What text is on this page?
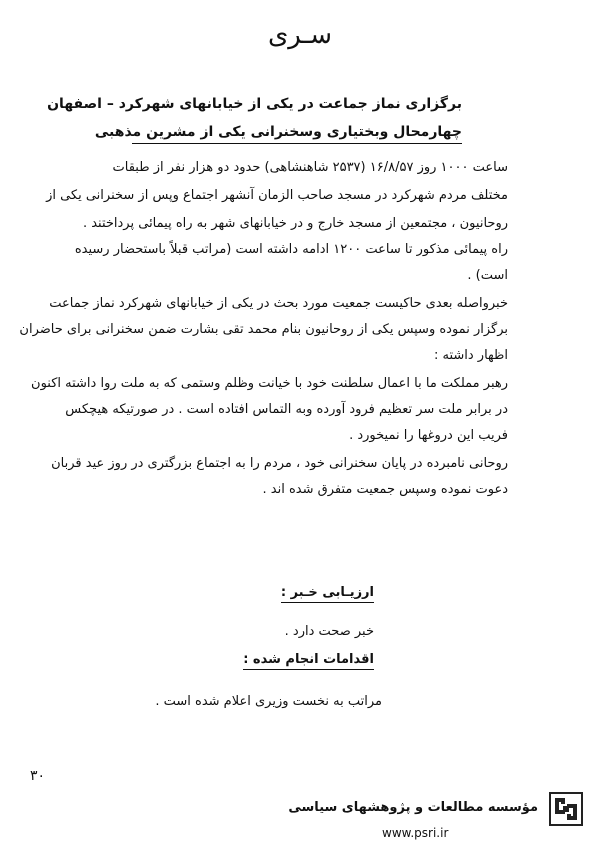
سـری
برگزاری نماز جماعت در یکی از خیابانهای شهرکرد – اصفهان
چهارمحال وبختیاری وسخنرانی یکی از مشرین مذهبی
ساعت ۱۰۰۰ روز ۱۶/۸/۵۷ (۲۵۳۷ شاهنشاهی) حدود دو هزار نفر از طبقات
مختلف مردم شهرکرد در مسجد صاحب الزمان آنشهر اجتماع وپس از سخنرانی یکی از
روحانیون ، مجتمعین از مسجد خارج و در خیابانهای شهر به راه پیمائی پرداختند .
راه پیمائی مذکور تا ساعت ۱۲۰۰ ادامه داشته است (مراتب قبلاً باستحضار رسیده
است) .
خبرواصله بعدی حاکیست جمعیت مورد بحث در یکی از خیابانهای شهرکرد نماز جماعت
برگزار نموده وسپس یکی از روحانیون بنام محمد تقی بشارت ضمن سخنرانی برای حاضران
اظهار داشته :
رهبر مملکت ما با اعمال سلطنت خود با خیانت وظلم وستمی که به ملت روا داشته اکنون
در برابر ملت سر تعظیم فرود آورده وبه التماس افتاده است . در صورتیکه هیچکس
فریب این دروغها را نمیخورد .
روحانی نامبرده در پایان سخنرانی خود ، مردم را به اجتماع بزرگتری در روز عید قربان
دعوت نموده وسپس جمعیت متفرق شده اند .
ارزیـابی خـبر :
خبر صحت دارد .
اقدامات انجام شده :
مراتب به نخست وزیری اعلام شده است .
۳۰
مؤسسه مطالعات و پژوهشهای سیاسی
www.psri.ir
